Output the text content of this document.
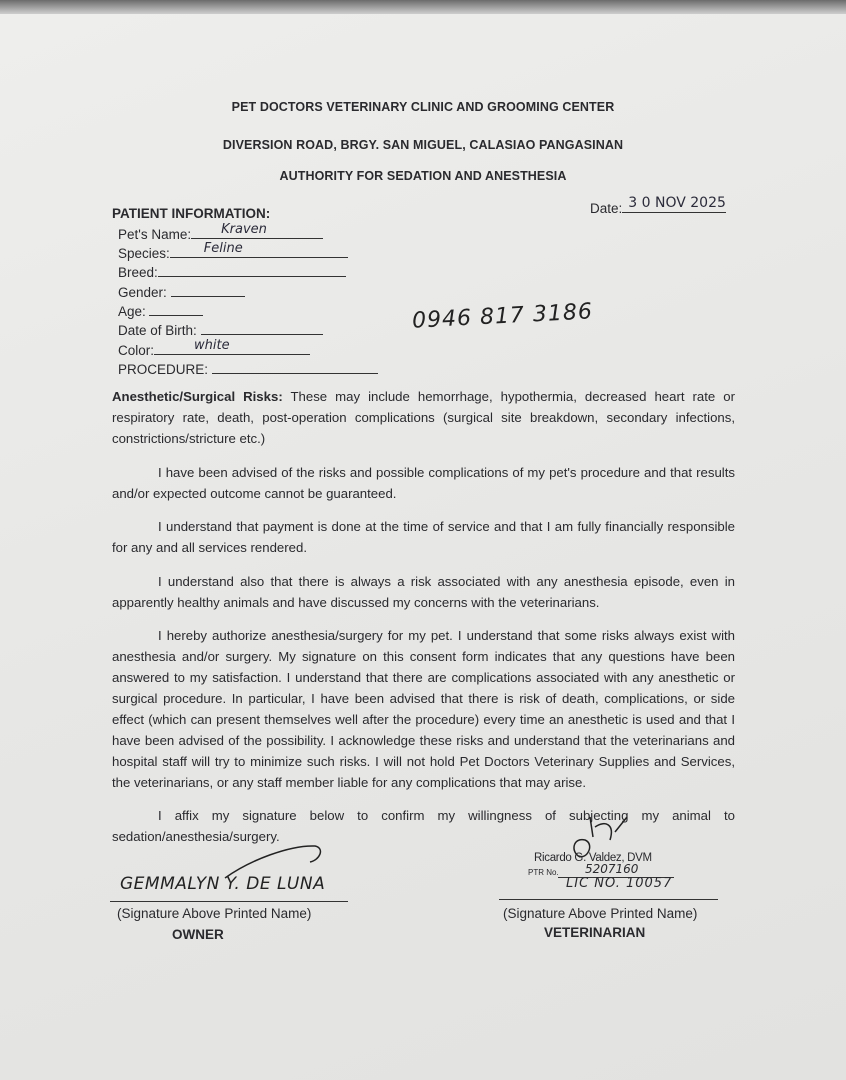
PET DOCTORS VETERINARY CLINIC AND GROOMING CENTER
DIVERSION ROAD, BRGY. SAN MIGUEL, CALASIAO PANGASINAN
AUTHORITY FOR SEDATION AND ANESTHESIA
Date: 3 0 NOV 2025
PATIENT INFORMATION:
Pet's Name: Kraven
Species:	Feline
Breed:
Gender:
Age:
Date of Birth:
Color:	white
PROCEDURE:
0946 817 3186
Anesthetic/Surgical Risks: These may include hemorrhage, hypothermia, decreased heart rate or respiratory rate, death, post-operation complications (surgical site breakdown, secondary infections, constrictions/stricture etc.)
I have been advised of the risks and possible complications of my pet's procedure and that results and/or expected outcome cannot be guaranteed.
I understand that payment is done at the time of service and that I am fully financially responsible for any and all services rendered.
I understand also that there is always a risk associated with any anesthesia episode, even in apparently healthy animals and have discussed my concerns with the veterinarians.
I hereby authorize anesthesia/surgery for my pet. I understand that some risks always exist with anesthesia and/or surgery. My signature on this consent form indicates that any questions have been answered to my satisfaction. I understand that there are complications associated with any anesthetic or surgical procedure. In particular, I have been advised that there is risk of death, complications, or side effect (which can present themselves well after the procedure) every time an anesthetic is used and that I have been advised of the possibility. I acknowledge these risks and understand that the veterinarians and hospital staff will try to minimize such risks. I will not hold Pet Doctors Veterinary Supplies and Services, the veterinarians, or any staff member liable for any complications that may arise.
I affix my signature below to confirm my willingness of subjecting my animal to sedation/anesthesia/surgery.
GEMMALYN Y. DE LUNA
(Signature Above Printed Name)
OWNER
Ricardo G. Valdez, DVM
PTR No. 5207160
LIC NO. 10057
(Signature Above Printed Name)
VETERINARIAN
